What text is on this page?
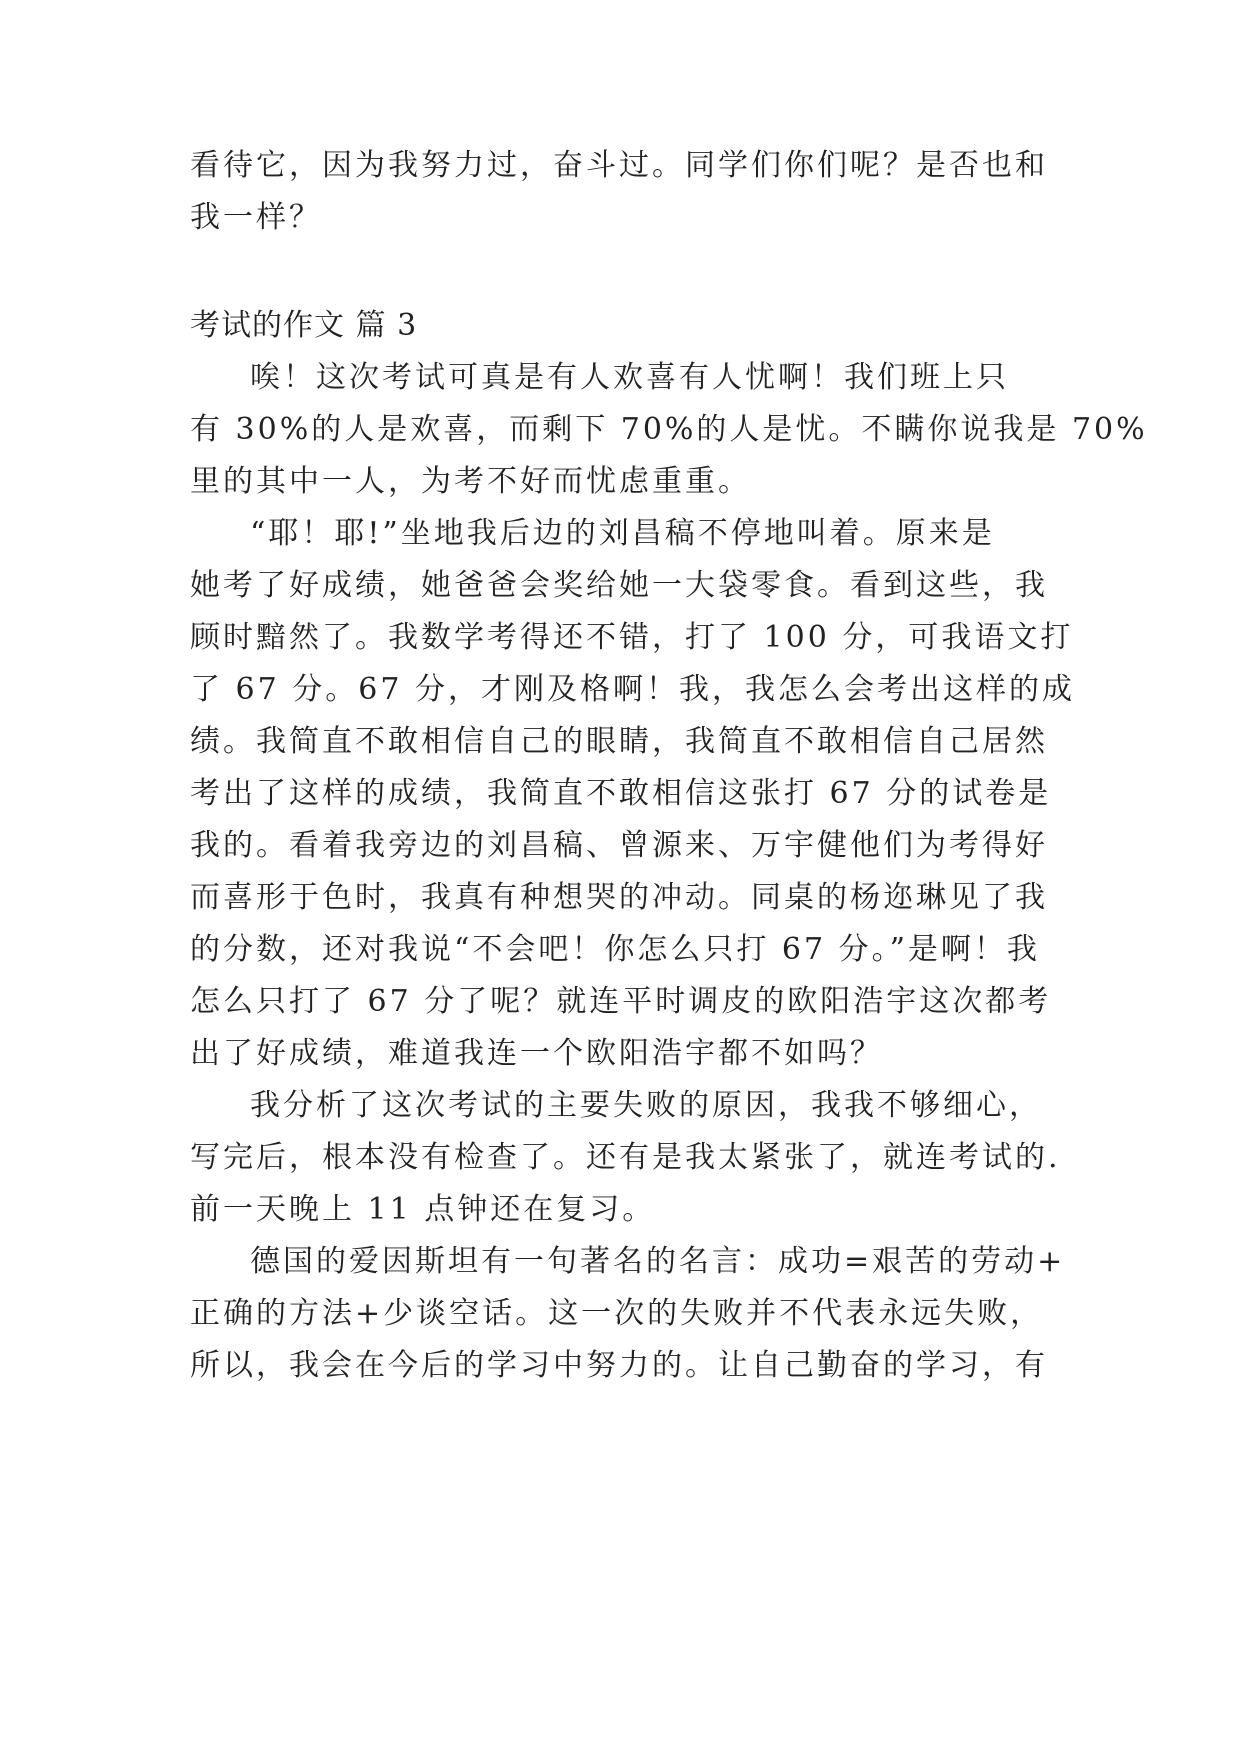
看待它，因为我努力过，奋斗过。同学们你们呢？是否也和
我一样？
考试的作文 篇 3
唉！这次考试可真是有人欢喜有人忧啊！我们班上只
有 30%的人是欢喜，而剩下 70%的人是忧。不瞒你说我是 70%
里的其中一人，为考不好而忧虑重重。
“耶！耶!”坐地我后边的刘昌稿不停地叫着。原来是
她考了好成绩，她爸爸会奖给她一大袋零食。看到这些，我
顾时黯然了。我数学考得还不错，打了 100 分，可我语文打
了 67 分。67 分，才刚及格啊！我，我怎么会考出这样的成
绩。我简直不敢相信自己的眼睛，我简直不敢相信自己居然
考出了这样的成绩，我简直不敢相信这张打 67 分的试卷是
我的。看着我旁边的刘昌稿、曾源来、万宇健他们为考得好
而喜形于色时，我真有种想哭的冲动。同桌的杨迩琳见了我
的分数，还对我说“不会吧！你怎么只打 67 分。”是啊！我
怎么只打了 67 分了呢？就连平时调皮的欧阳浩宇这次都考
出了好成绩，难道我连一个欧阳浩宇都不如吗？
我分析了这次考试的主要失败的原因，我我不够细心，
写完后，根本没有检查了。还有是我太紧张了，就连考试的.
前一天晚上 11 点钟还在复习。
德国的爱因斯坦有一句著名的名言：成功=艰苦的劳动+
正确的方法+少谈空话。这一次的失败并不代表永远失败，
所以，我会在今后的学习中努力的。让自己勤奋的学习，有
